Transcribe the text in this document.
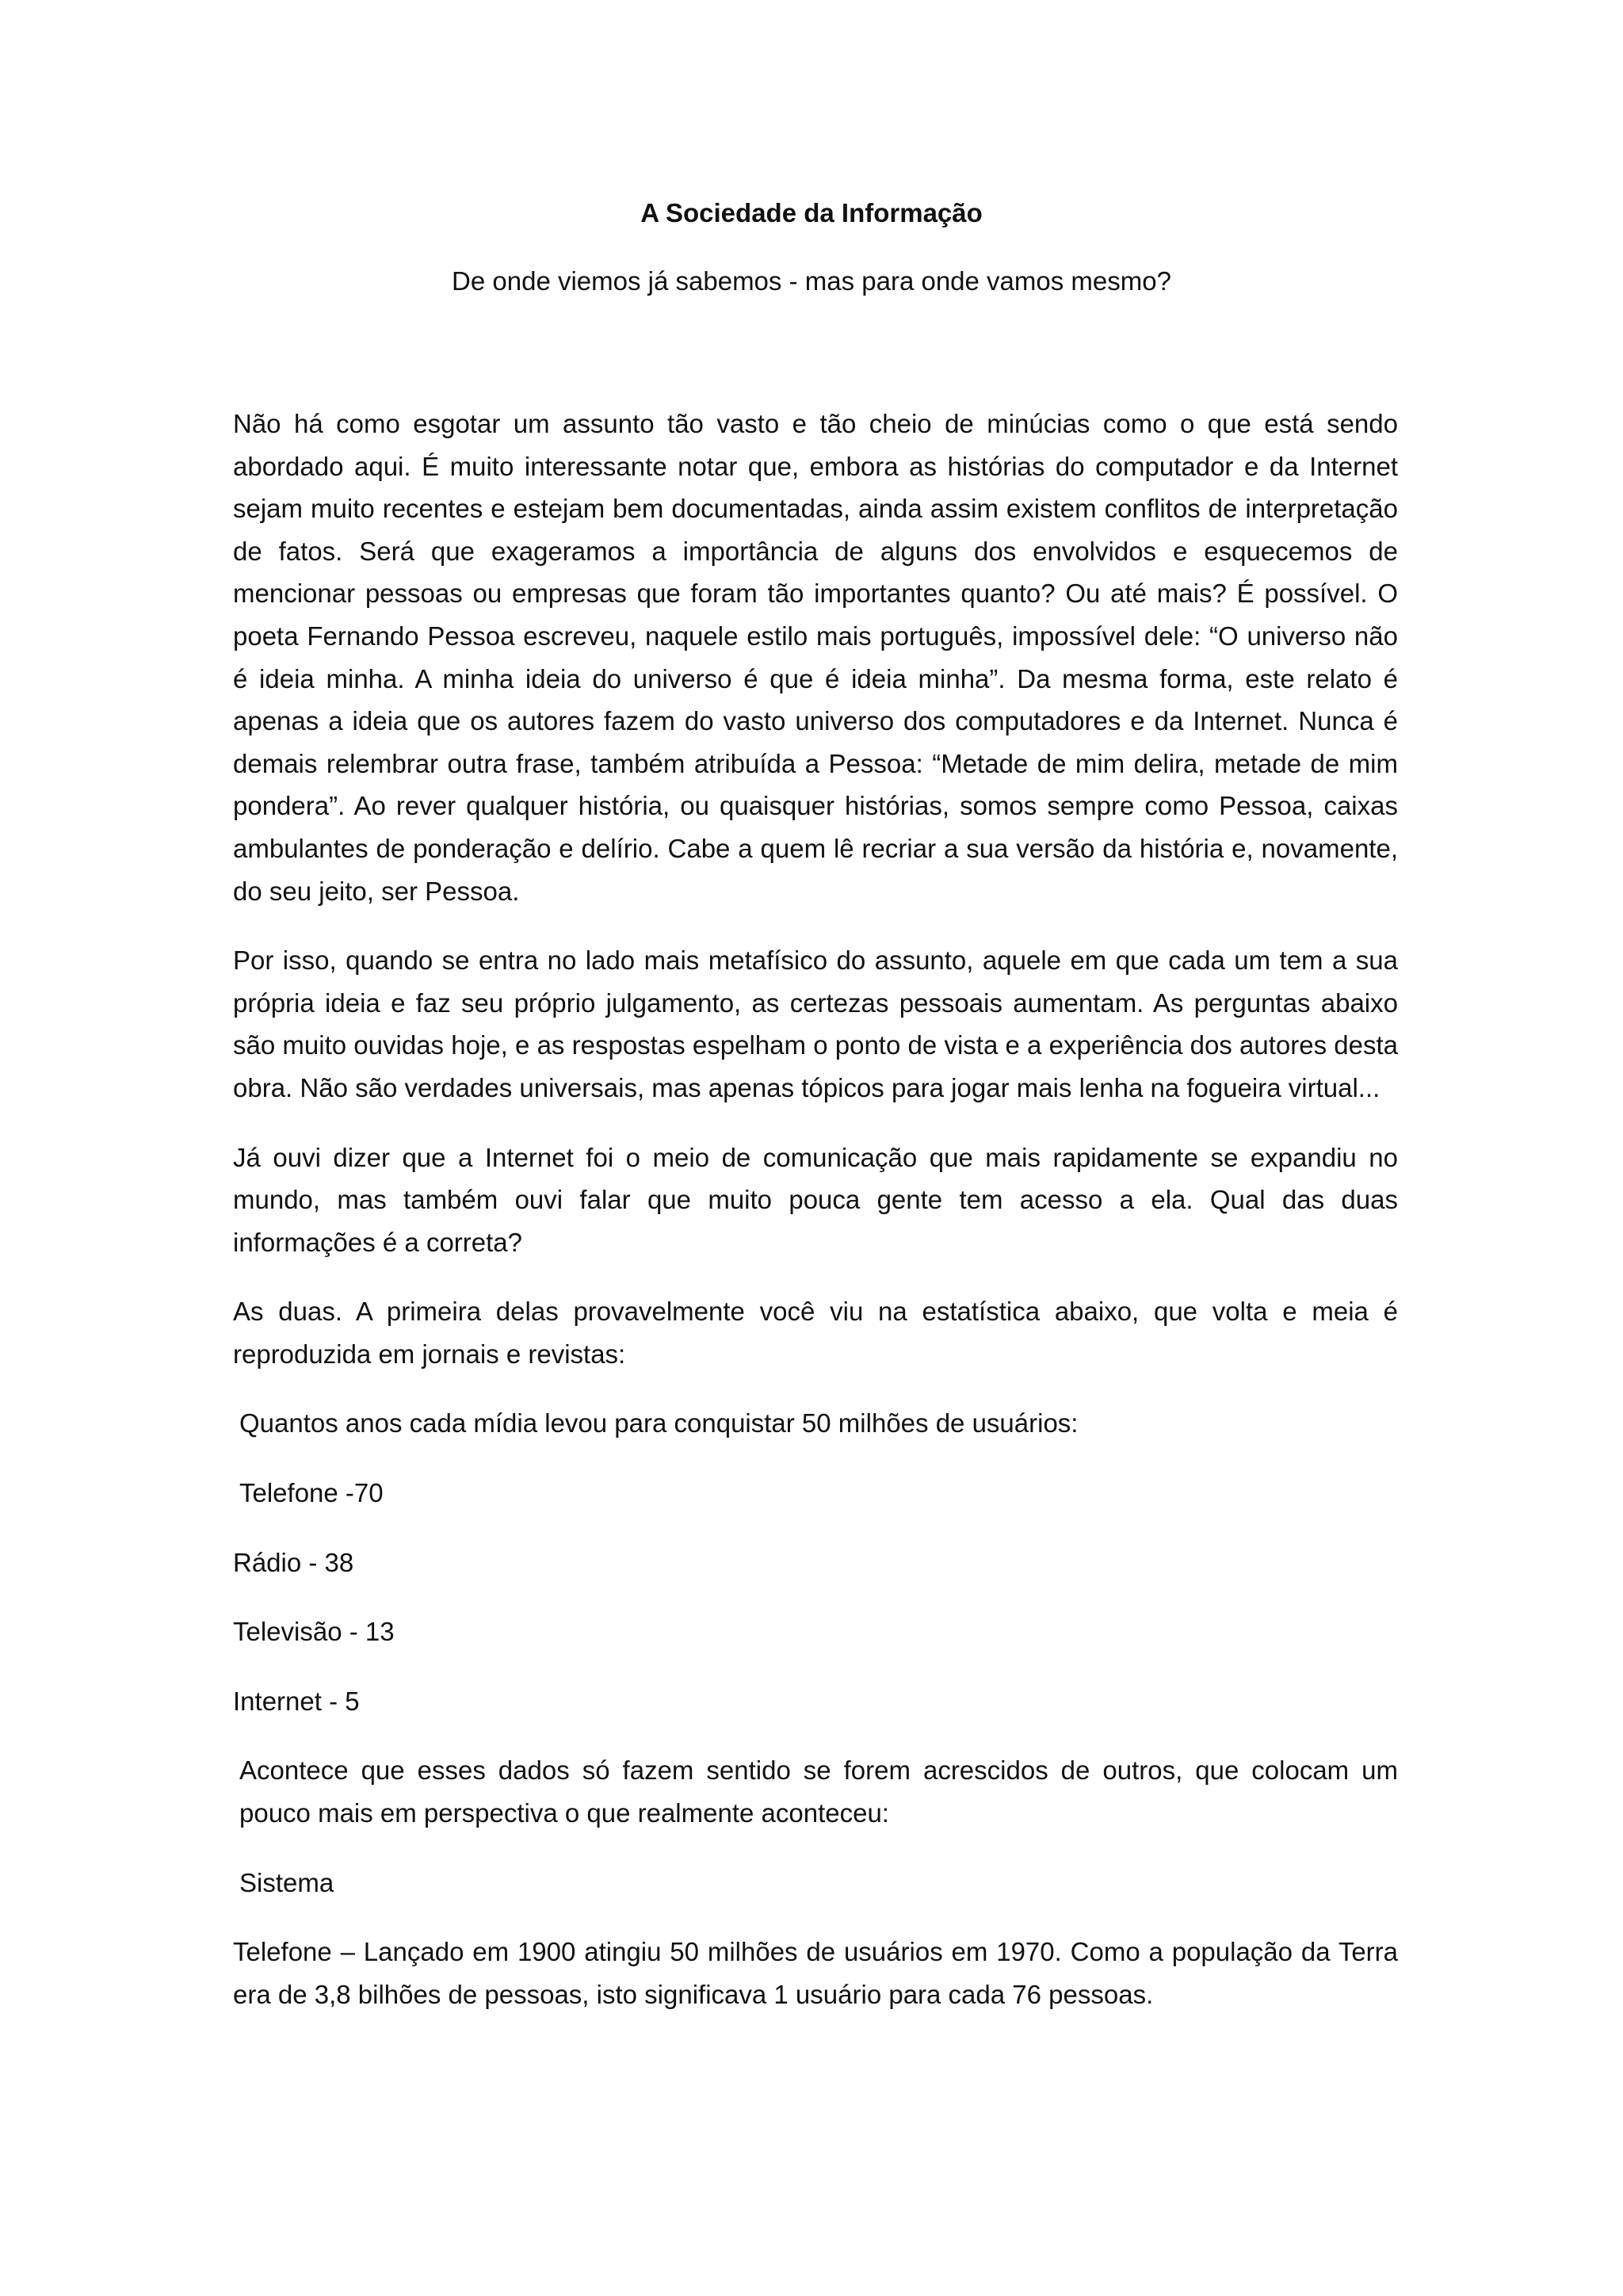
A Sociedade da Informação

De onde viemos já sabemos - mas para onde vamos mesmo?

Não há como esgotar um assunto tão vasto e tão cheio de minúcias como o que está sendo abordado aqui. É muito interessante notar que, embora as histórias do computador e da Internet sejam muito recentes e estejam bem documentadas, ainda assim existem conflitos de interpretação de fatos. Será que exageramos a importância de alguns dos envolvidos e esquecemos de mencionar pessoas ou empresas que foram tão importantes quanto? Ou até mais? É possível. O poeta Fernando Pessoa escreveu, naquele estilo mais português, impossível dele: “O universo não é ideia minha. A minha ideia do universo é que é ideia minha”. Da mesma forma, este relato é apenas a ideia que os autores fazem do vasto universo dos computadores e da Internet. Nunca é demais relembrar outra frase, também atribuída a Pessoa: “Metade de mim delira, metade de mim pondera”. Ao rever qualquer história, ou quaisquer histórias, somos sempre como Pessoa, caixas ambulantes de ponderação e delírio. Cabe a quem lê recriar a sua versão da história e, novamente, do seu jeito, ser Pessoa.

Por isso, quando se entra no lado mais metafísico do assunto, aquele em que cada um tem a sua própria ideia e faz seu próprio julgamento, as certezas pessoais aumentam. As perguntas abaixo são muito ouvidas hoje, e as respostas espelham o ponto de vista e a experiência dos autores desta obra. Não são verdades universais, mas apenas tópicos para jogar mais lenha na fogueira virtual...

Já ouvi dizer que a Internet foi o meio de comunicação que mais rapidamente se expandiu no mundo, mas também ouvi falar que muito pouca gente tem acesso a ela. Qual das duas informações é a correta?

As duas. A primeira delas provavelmente você viu na estatística abaixo, que volta e meia é reproduzida em jornais e revistas:

Quantos anos cada mídia levou para conquistar 50 milhões de usuários:

Telefone -70

Rádio - 38

Televisão - 13

Internet - 5

Acontece que esses dados só fazem sentido se forem acrescidos de outros, que colocam um pouco mais em perspectiva o que realmente aconteceu:

Sistema

Telefone – Lançado em 1900 atingiu 50 milhões de usuários em 1970. Como a população da Terra era de 3,8 bilhões de pessoas, isto significava 1 usuário para cada 76 pessoas.
